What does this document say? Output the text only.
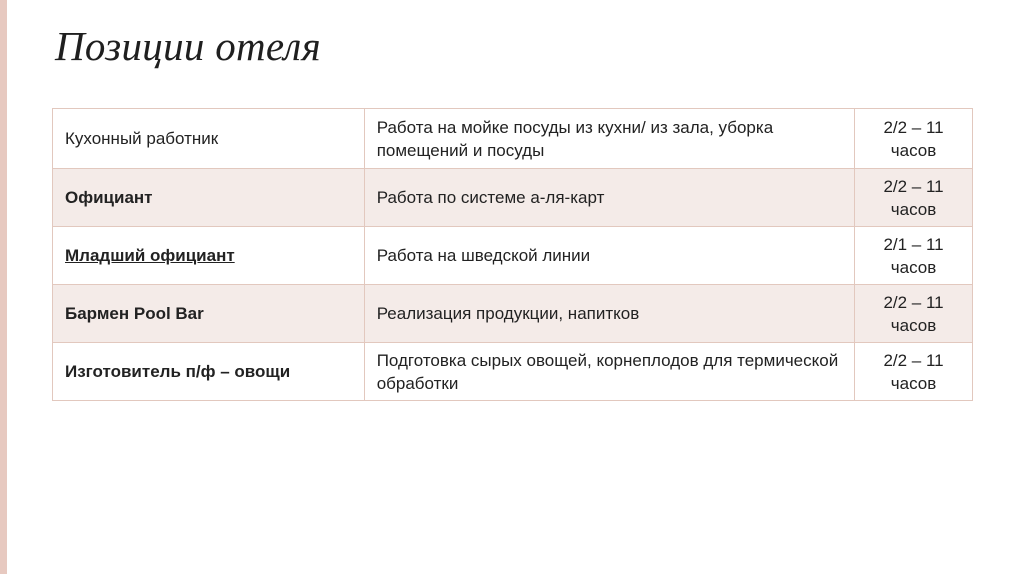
Позиции отеля
Кухонный работник	Работа на мойке посуды из кухни/ из зала, уборка помещений и посуды	2/2 – 11
часов
Официант	Работа по системе а-ля-карт	2/2 – 11
часов
Младший официант	Работа на шведской линии	2/1 – 11
часов
Бармен Pool Bar	Реализация продукции, напитков	2/2 – 11
часов
Изготовитель п/ф – овощи	Подготовка сырых овощей, корнеплодов для термической обработки	2/2 – 11
часов
